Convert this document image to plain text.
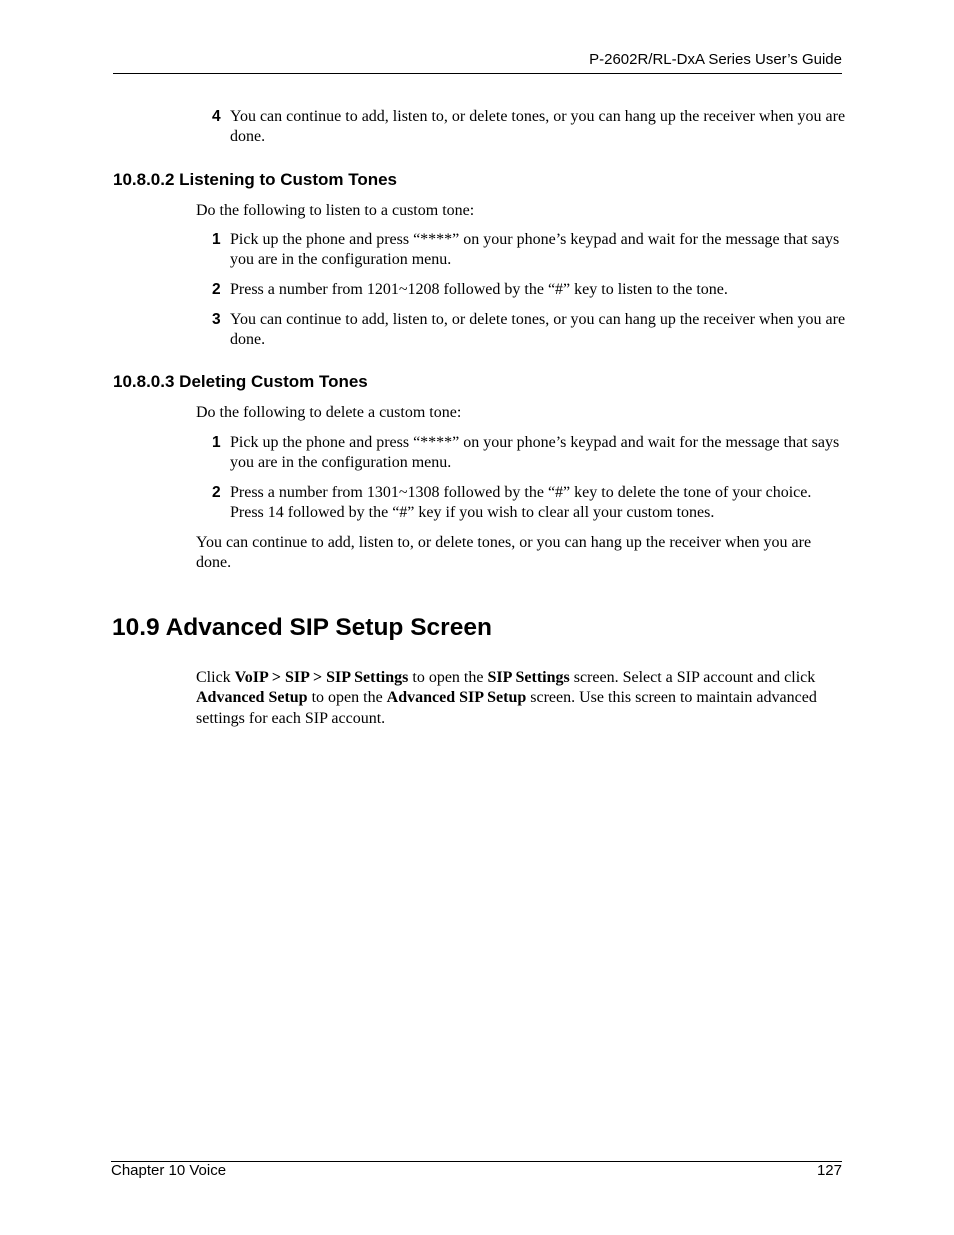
P-2602R/RL-DxA Series User’s Guide
4 You can continue to add, listen to, or delete tones, or you can hang up the receiver when you are done.
10.8.0.2 Listening to Custom Tones
Do the following to listen to a custom tone:
1 Pick up the phone and press “****” on your phone’s keypad and wait for the message that says you are in the configuration menu.
2 Press a number from 1201~1208 followed by the “#” key to listen to the tone.
3 You can continue to add, listen to, or delete tones, or you can hang up the receiver when you are done.
10.8.0.3 Deleting Custom Tones
Do the following to delete a custom tone:
1 Pick up the phone and press “****” on your phone’s keypad and wait for the message that says you are in the configuration menu.
2 Press a number from 1301~1308 followed by the “#” key to delete the tone of your choice. Press 14 followed by the “#” key if you wish to clear all your custom tones.
You can continue to add, listen to, or delete tones, or you can hang up the receiver when you are done.
10.9 Advanced SIP Setup Screen
Click VoIP > SIP > SIP Settings to open the SIP Settings screen. Select a SIP account and click Advanced Setup to open the Advanced SIP Setup screen. Use this screen to maintain advanced settings for each SIP account.
Chapter 10 Voice	127
